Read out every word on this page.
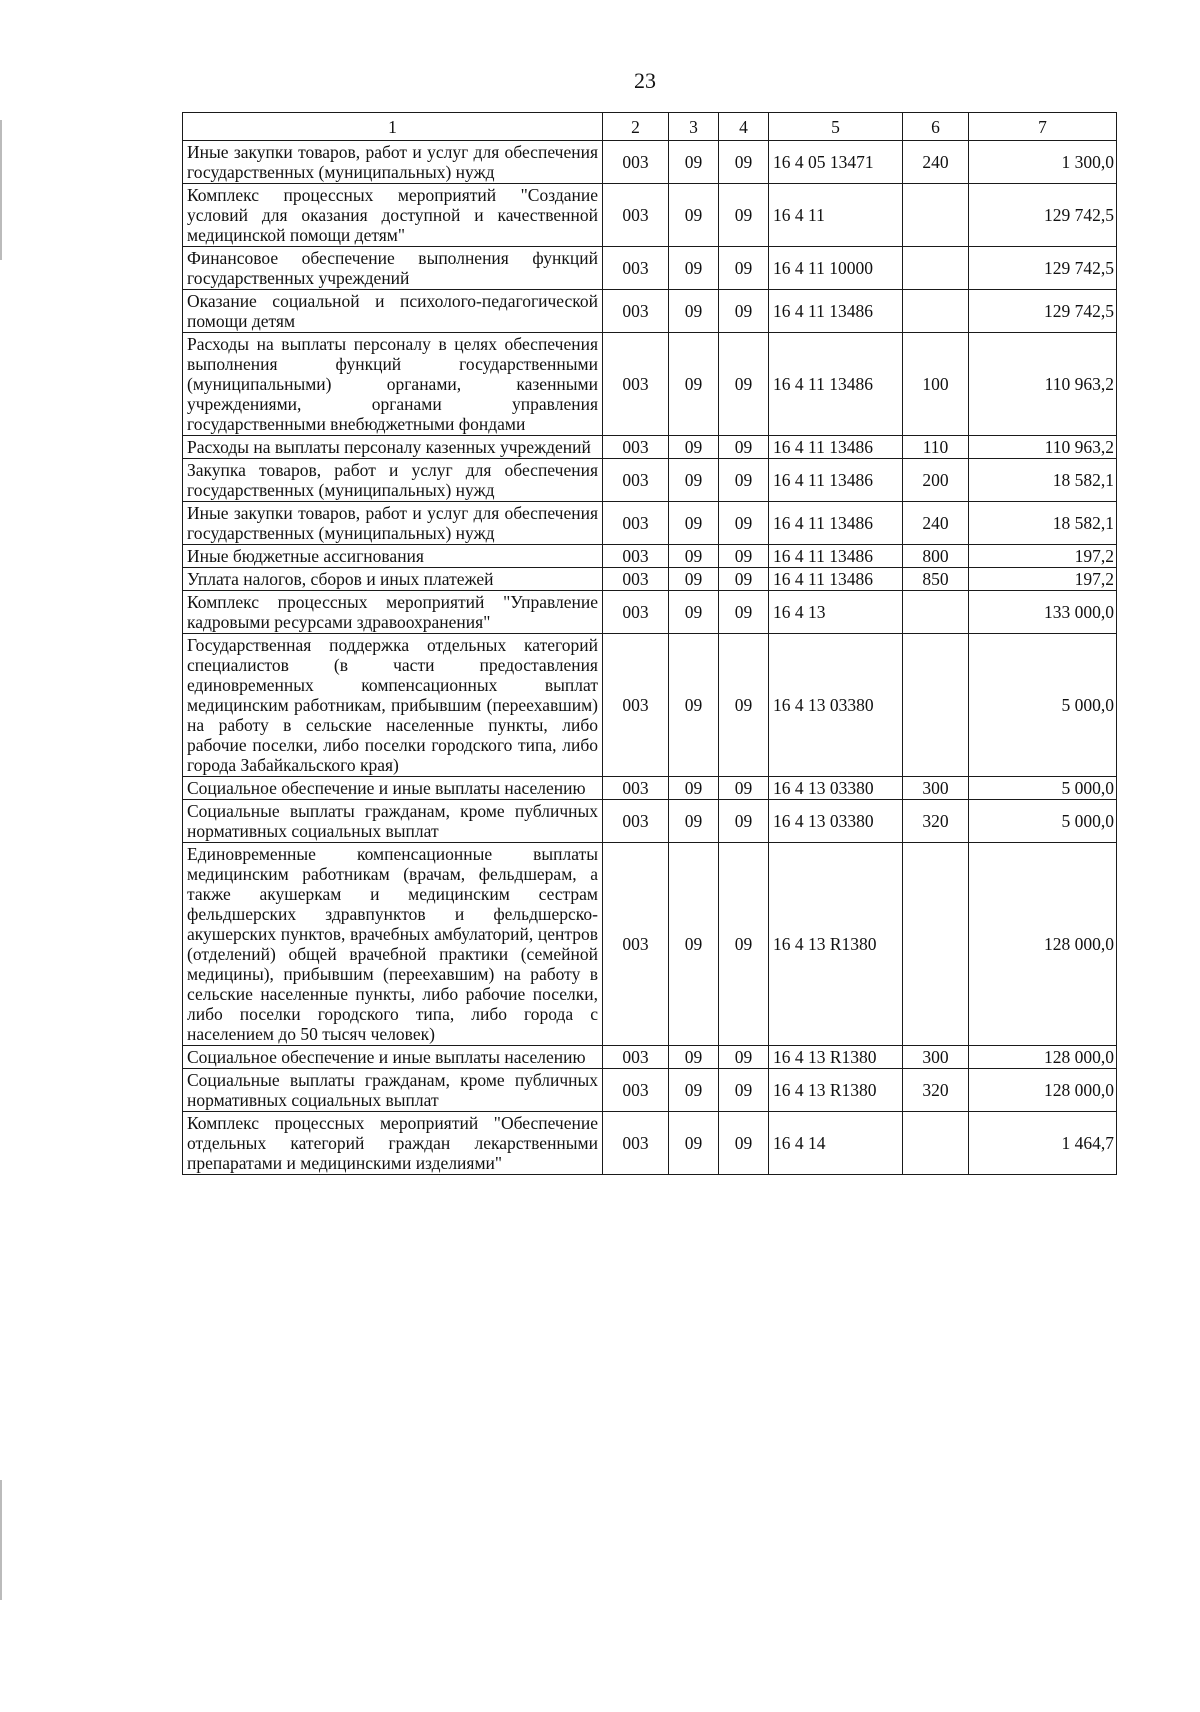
23
1	2	3	4	5	6	7
Иные закупки товаров, работ и услуг для обеспечения государственных (муниципальных) нужд	003	09	09	16 4 05 13471	240	1 300,0
Комплекс процессных мероприятий "Создание условий для оказания доступной и качественной медицинской помощи детям"	003	09	09	16 4 11		129 742,5
Финансовое обеспечение выполнения функций государственных учреждений	003	09	09	16 4 11 10000		129 742,5
Оказание социальной и психолого-педагогической помощи детям	003	09	09	16 4 11 13486		129 742,5
Расходы на выплаты персоналу в целях обеспечения выполнения функций государственными (муниципальными) органами, казенными учреждениями, органами управления государственными внебюджетными фондами	003	09	09	16 4 11 13486	100	110 963,2
Расходы на выплаты персоналу казенных учреждений	003	09	09	16 4 11 13486	110	110 963,2
Закупка товаров, работ и услуг для обеспечения государственных (муниципальных) нужд	003	09	09	16 4 11 13486	200	18 582,1
Иные закупки товаров, работ и услуг для обеспечения государственных (муниципальных) нужд	003	09	09	16 4 11 13486	240	18 582,1
Иные бюджетные ассигнования	003	09	09	16 4 11 13486	800	197,2
Уплата налогов, сборов и иных платежей	003	09	09	16 4 11 13486	850	197,2
Комплекс процессных мероприятий "Управление кадровыми ресурсами здравоохранения"	003	09	09	16 4 13		133 000,0
Государственная поддержка отдельных категорий специалистов (в части предоставления единовременных компенсационных выплат медицинским работникам, прибывшим (переехавшим) на работу в сельские населенные пункты, либо рабочие поселки, либо поселки городского типа, либо города Забайкальского края)	003	09	09	16 4 13 03380		5 000,0
Социальное обеспечение и иные выплаты населению	003	09	09	16 4 13 03380	300	5 000,0
Социальные выплаты гражданам, кроме публичных нормативных социальных выплат	003	09	09	16 4 13 03380	320	5 000,0
Единовременные компенсационные выплаты медицинским работникам (врачам, фельдшерам, а также акушеркам и медицинским сестрам фельдшерских здравпунктов и фельдшерско-акушерских пунктов, врачебных амбулаторий, центров (отделений) общей врачебной практики (семейной медицины), прибывшим (переехавшим) на работу в сельские населенные пункты, либо рабочие поселки, либо поселки городского типа, либо города с населением до 50 тысяч человек)	003	09	09	16 4 13 R1380		128 000,0
Социальное обеспечение и иные выплаты населению	003	09	09	16 4 13 R1380	300	128 000,0
Социальные выплаты гражданам, кроме публичных нормативных социальных выплат	003	09	09	16 4 13 R1380	320	128 000,0
Комплекс процессных мероприятий "Обеспечение отдельных категорий граждан лекарственными препаратами и медицинскими изделиями"	003	09	09	16 4 14		1 464,7
